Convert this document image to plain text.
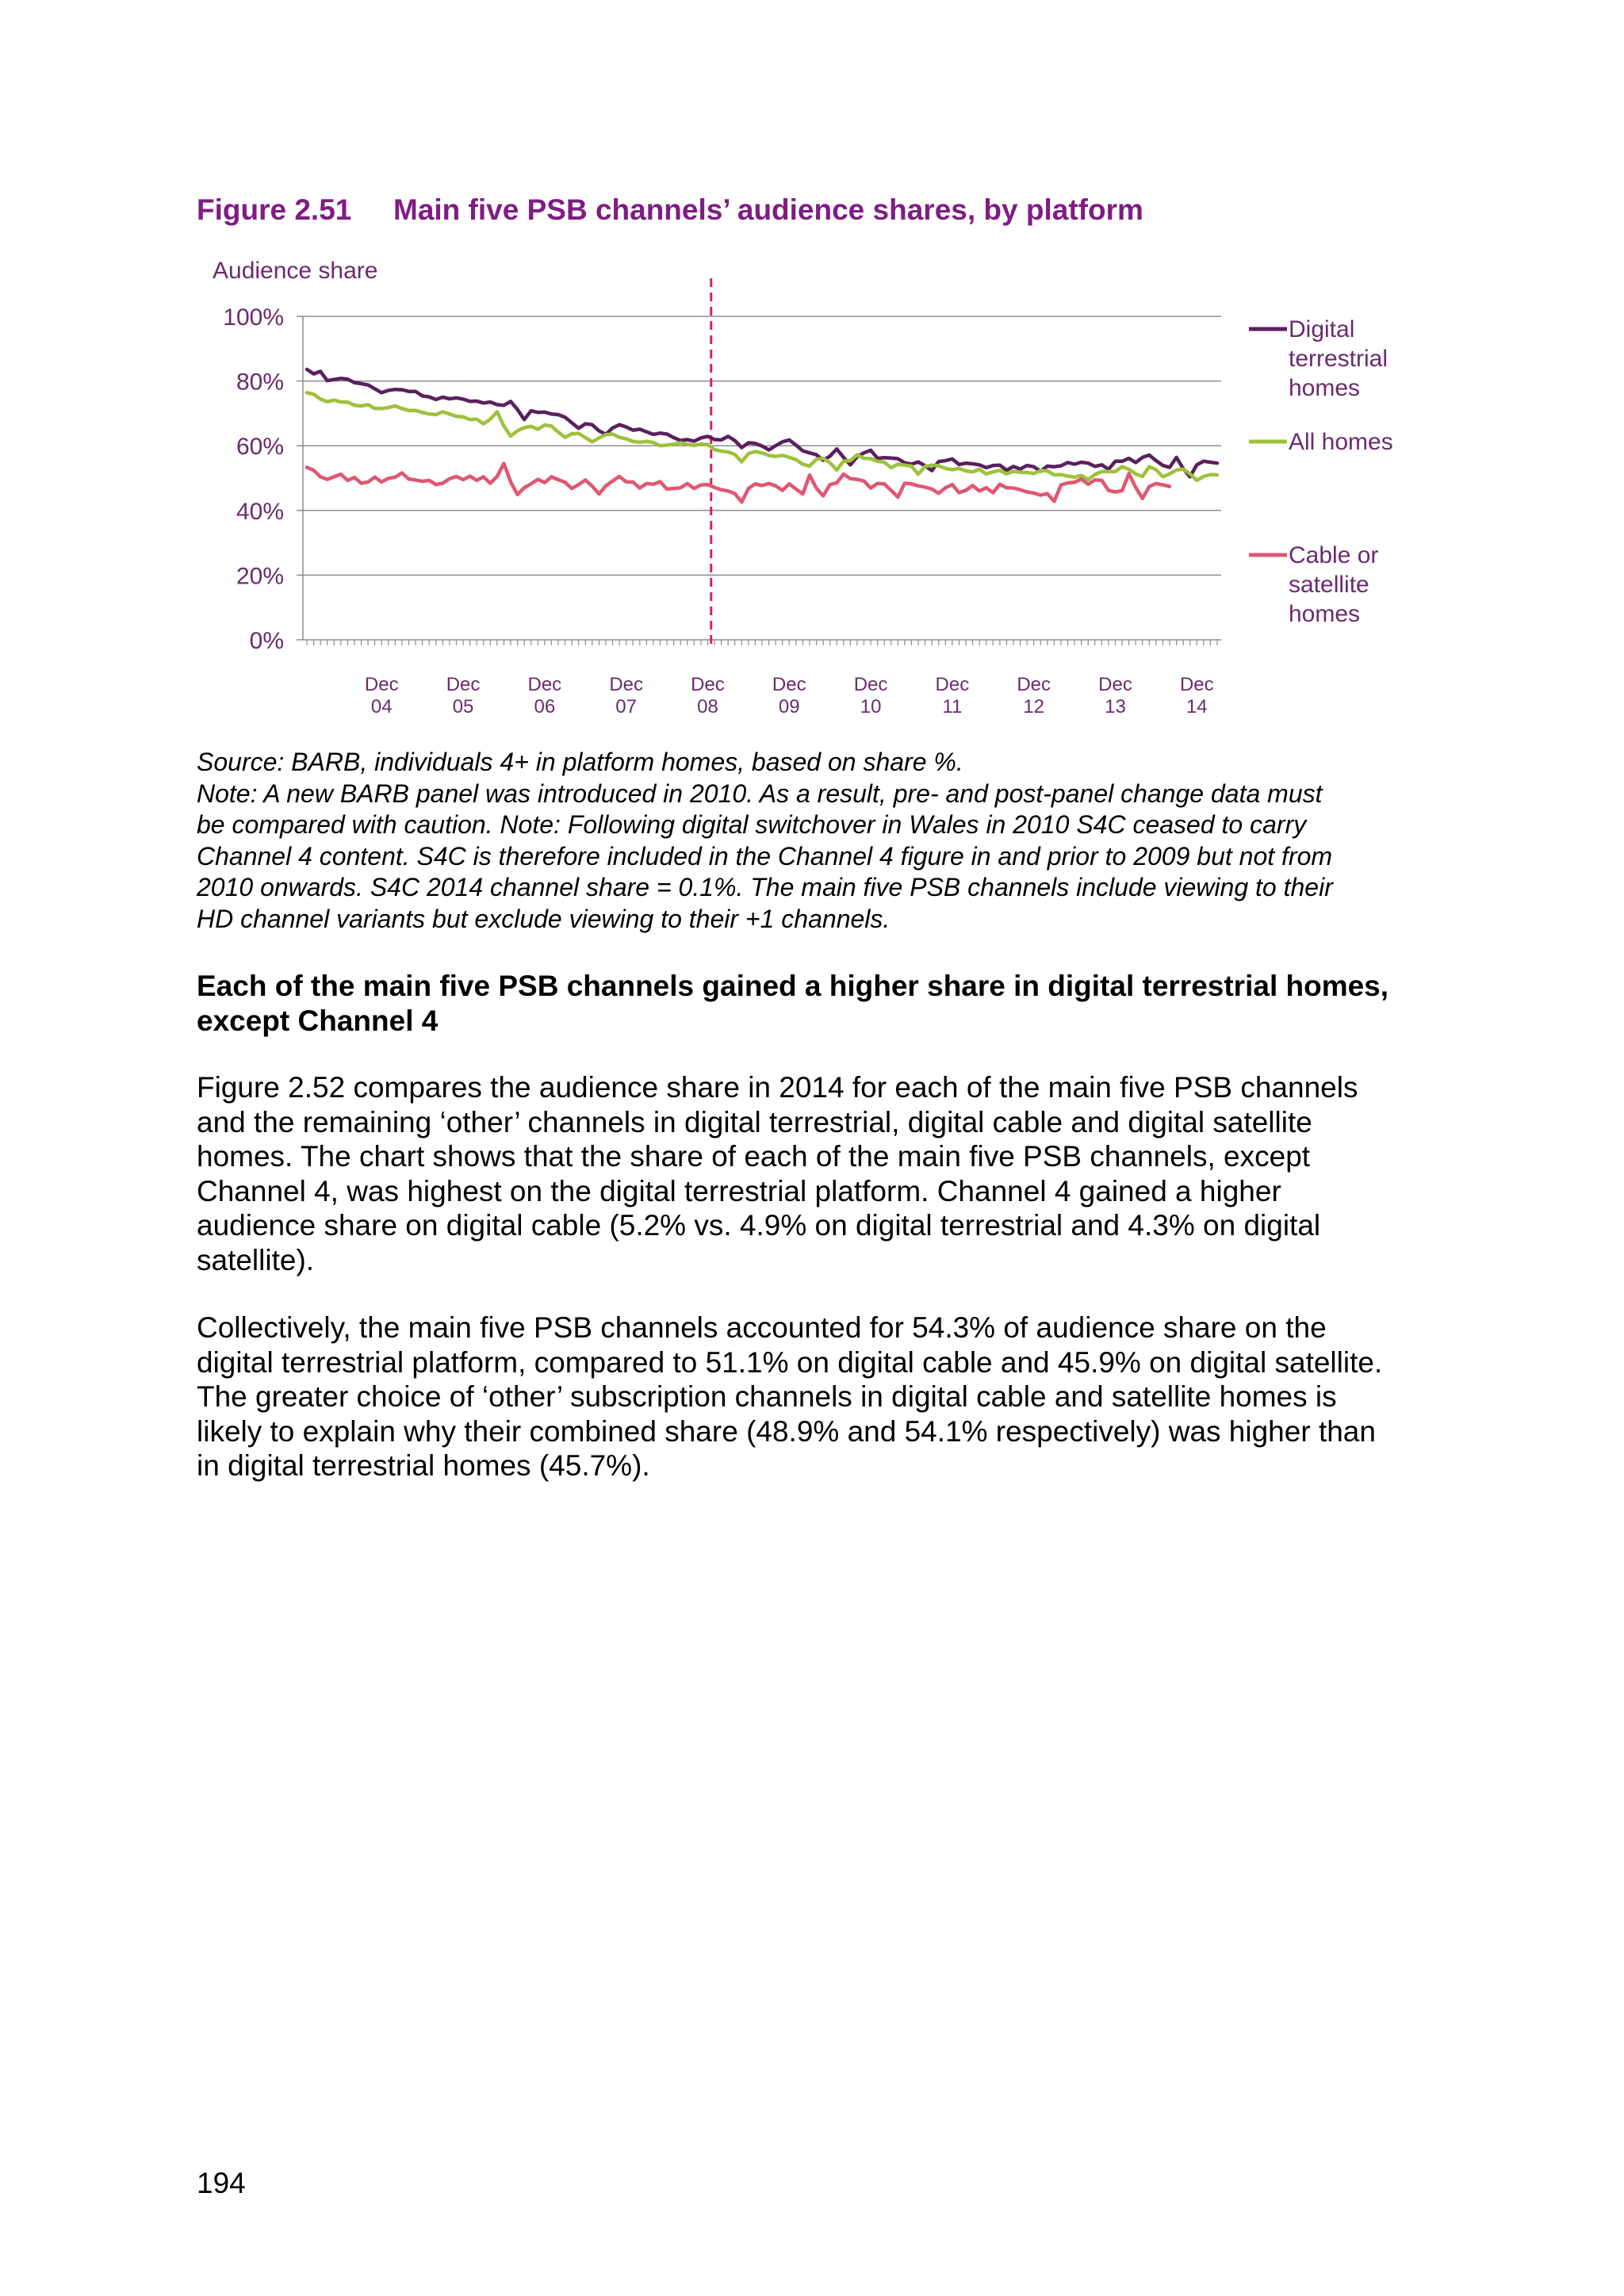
Figure 2.51 Main five PSB channels’ audience shares, by platform
Audience share
0%
20%
40%
60%
80%
100%
Dec
04
Dec
05
Dec
06
Dec
07
Dec
08
Dec
09
Dec
10
Dec
11
Dec
12
Dec
13
Dec
14
Digital
terrestrial
homes
All homes
Cable or
satellite
homes
Source: BARB, individuals 4+ in platform homes, based on share %.
Note: A new BARB panel was introduced in 2010. As a result, pre- and post-panel change data must
be compared with caution. Note: Following digital switchover in Wales in 2010 S4C ceased to carry
Channel 4 content. S4C is therefore included in the Channel 4 figure in and prior to 2009 but not from
2010 onwards. S4C 2014 channel share = 0.1%. The main five PSB channels include viewing to their
HD channel variants but exclude viewing to their +1 channels.
Each of the main five PSB channels gained a higher share in digital terrestrial homes,
except Channel 4
Figure 2.52 compares the audience share in 2014 for each of the main five PSB channels
and the remaining ‘other’ channels in digital terrestrial, digital cable and digital satellite
homes. The chart shows that the share of each of the main five PSB channels, except
Channel 4, was highest on the digital terrestrial platform. Channel 4 gained a higher
audience share on digital cable (5.2% vs. 4.9% on digital terrestrial and 4.3% on digital
satellite).
Collectively, the main five PSB channels accounted for 54.3% of audience share on the
digital terrestrial platform, compared to 51.1% on digital cable and 45.9% on digital satellite.
The greater choice of ‘other’ subscription channels in digital cable and satellite homes is
likely to explain why their combined share (48.9% and 54.1% respectively) was higher than
in digital terrestrial homes (45.7%).
194
